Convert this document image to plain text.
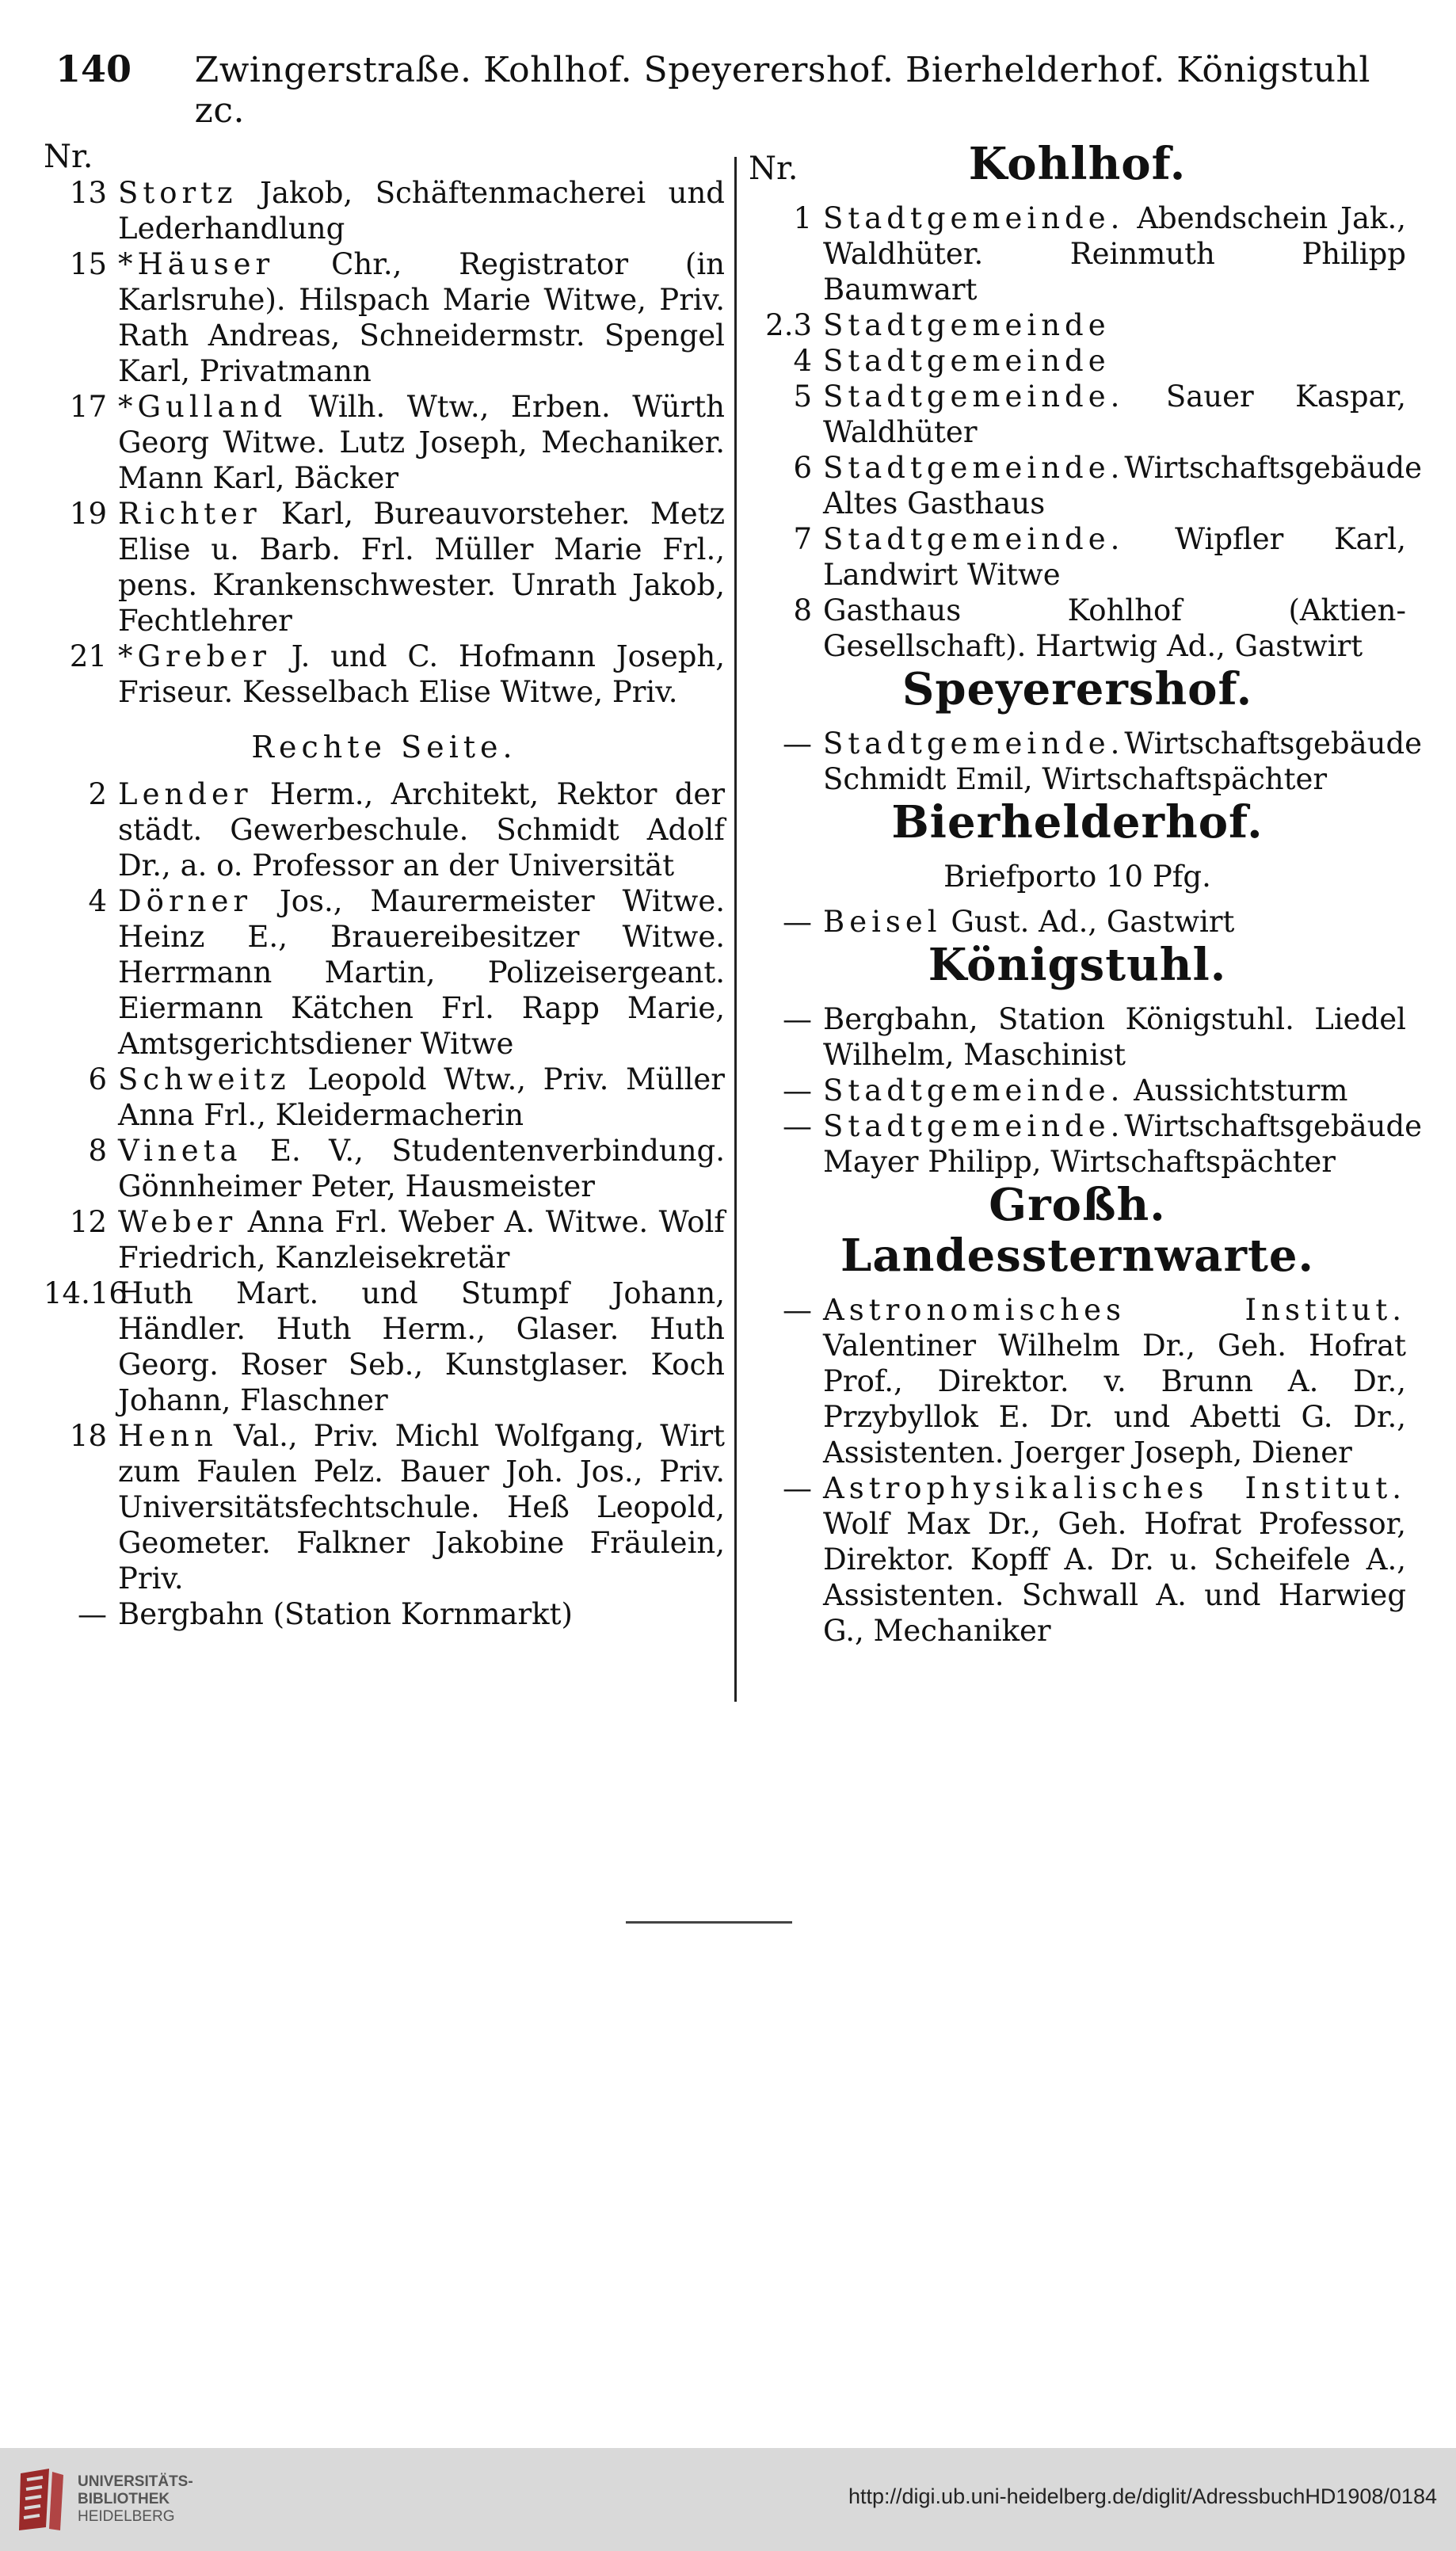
140	Zwingerstraße. Kohlhof. Speyerershof. Bierhelderhof. Königstuhl zc.
Nr.
13 Stortz Jakob, Schäftenmacherei und Lederhandlung
15 *Häuser Chr., Registrator (in Karlsruhe). Hilspach Marie Witwe, Priv. Rath Andreas, Schneidermstr. Spengel Karl, Privatmann
17 *Gulland Wilh. Wtw., Erben. Würth Georg Witwe. Lutz Joseph, Mechaniker. Mann Karl, Bäcker
19 Richter Karl, Bureauvorsteher. Metz Elise u. Barb. Frl. Müller Marie Frl., pens. Krankenschwester. Unrath Jakob, Fechtlehrer
21 *Greber J. und C. Hofmann Joseph, Friseur. Kesselbach Elise Witwe, Priv.
Rechte Seite.
2 Lender Herm., Architekt, Rektor der städt. Gewerbeschule. Schmidt Adolf Dr., a. o. Professor an der Universität
4 Dörner Jos., Maurermeister Witwe. Heinz E., Brauereibesitzer Witwe. Herrmann Martin, Polizeisergeant. Eiermann Kätchen Frl. Rapp Marie, Amtsgerichtsdiener Witwe
6 Schweitz Leopold Wtw., Priv. Müller Anna Frl., Kleidermacherin
8 Vineta E. V., Studentenverbindung. Gönnheimer Peter, Hausmeister
12 Weber Anna Frl. Weber A. Witwe. Wolf Friedrich, Kanzleisekretär
14.16
Huth Mart. und Stumpf Johann, Händler. Huth Herm., Glaser. Huth Georg. Roser Seb., Kunstglaser. Koch Johann, Flaschner
18 Henn Val., Priv. Michl Wolfgang, Wirt zum Faulen Pelz. Bauer Joh. Jos., Priv. Universitätsfechtschule. Heß Leopold, Geometer. Falkner Jakobine Fräulein, Priv.
— Bergbahn (Station Kornmarkt)
Nr.	Kohlhof.
1 Stadtgemeinde. Abendschein Jak., Waldhüter. Reinmuth Philipp Baumwart
2.3 Stadtgemeinde
4 Stadtgemeinde
5 Stadtgemeinde. Sauer Kaspar, Waldhüter
6 Stadtgemeinde.Wirtschaftsgebäude Altes Gasthaus
7 Stadtgemeinde. Wipfler Karl, Landwirt Witwe
8 Gasthaus Kohlhof (Aktien-Gesellschaft). Hartwig Ad., Gastwirt
Speyerershof.
— Stadtgemeinde.Wirtschaftsgebäude Schmidt Emil, Wirtschaftspächter
Bierhelderhof.
Briefporto 10 Pfg.
— Beisel Gust. Ad., Gastwirt
Königstuhl.
— Bergbahn, Station Königstuhl. Liedel Wilhelm, Maschinist
— Stadtgemeinde. Aussichtsturm
— Stadtgemeinde.Wirtschaftsgebäude Mayer Philipp, Wirtschaftspächter
Großh. Landessternwarte.
— Astronomisches Institut. Valentiner Wilhelm Dr., Geh. Hofrat Prof., Direktor. v. Brunn A. Dr., Przybyllok E. Dr. und Abetti G. Dr., Assistenten. Joerger Joseph, Diener
— Astrophysikalisches Institut. Wolf Max Dr., Geh. Hofrat Professor, Direktor. Kopff A. Dr. u. Scheifele A., Assistenten. Schwall A. und Harwieg G., Mechaniker
UNIVERSITÄTS-
BIBLIOTHEK
HEIDELBERG
http://digi.ub.uni-heidelberg.de/diglit/AdressbuchHD1908/0184
